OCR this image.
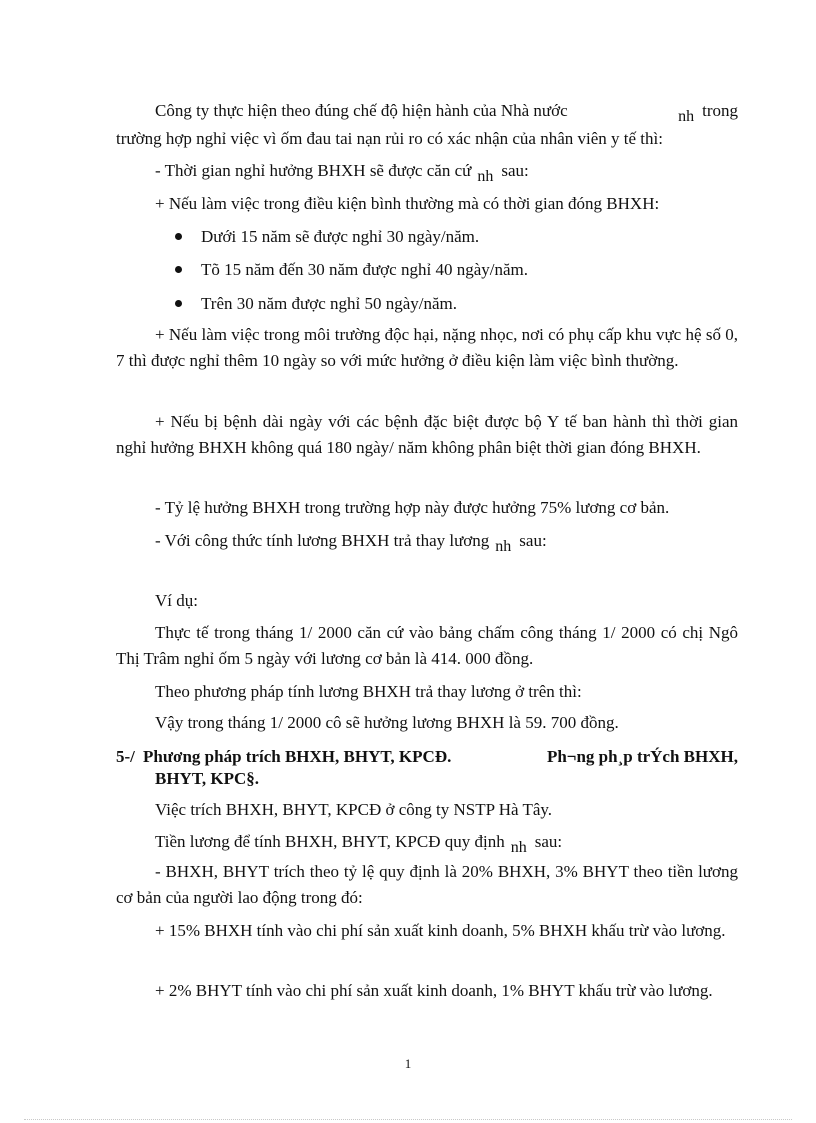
Công ty thực hiện theo đúng chế độ hiện hành của Nhà nước	nh trong
trường hợp nghỉ việc vì ốm đau tai nạn rủi ro có xác nhận của nhân viên y tế thì:
- Thời gian nghỉ hưởng BHXH sẽ được căn cứ nh sau:
+ Nếu làm việc trong điều kiện bình thường mà có thời gian đóng BHXH:
Dưới 15 năm sẽ được nghỉ 30 ngày/năm.
Tõ 15 năm đến 30 năm được nghỉ 40 ngày/năm.
Trên 30 năm được nghỉ 50 ngày/năm.
+ Nếu làm việc trong môi trường độc hại, nặng nhọc, nơi có phụ cấp khu vực hệ số 0, 7 thì được nghỉ thêm 10 ngày so với mức hưởng ở điều kiện làm việc bình thường.
+ Nếu bị bệnh dài ngày với các bệnh đặc biệt được bộ Y tế ban hành thì thời gian nghỉ hưởng BHXH không quá 180 ngày/ năm không phân biệt thời gian đóng BHXH.
- Tỷ lệ hưởng BHXH trong trường hợp này được hưởng 75% lương cơ bản.
- Với công thức tính lương BHXH trả thay lương nh sau:
Ví dụ:
Thực tế trong tháng 1/ 2000 căn cứ vào bảng chấm công tháng 1/ 2000 có chị Ngô Thị Trâm nghỉ ốm 5 ngày với lương cơ bản là 414. 000 đồng.
Theo phương pháp tính lương BHXH trả thay lương ở trên thì:
Vậy trong tháng 1/ 2000 cô sẽ hưởng lương BHXH là 59. 700 đồng.
5-/ Phương pháp trích BHXH, BHYT, KPCĐ.	Ph¬ng ph¸p trÝch BHXH,
BHYT, KPC§.
Việc trích BHXH, BHYT, KPCĐ ở công ty NSTP Hà Tây.
Tiền lương để tính BHXH, BHYT, KPCĐ quy định nh sau:
- BHXH, BHYT trích theo tỷ lệ quy định là 20% BHXH, 3% BHYT theo tiền lương cơ bản của người lao động trong đó:
+ 15% BHXH tính vào chi phí sản xuất kinh doanh, 5% BHXH khấu trừ vào lương.
+ 2% BHYT tính vào chi phí sản xuất kinh doanh, 1% BHYT khấu trừ vào lương.
1
